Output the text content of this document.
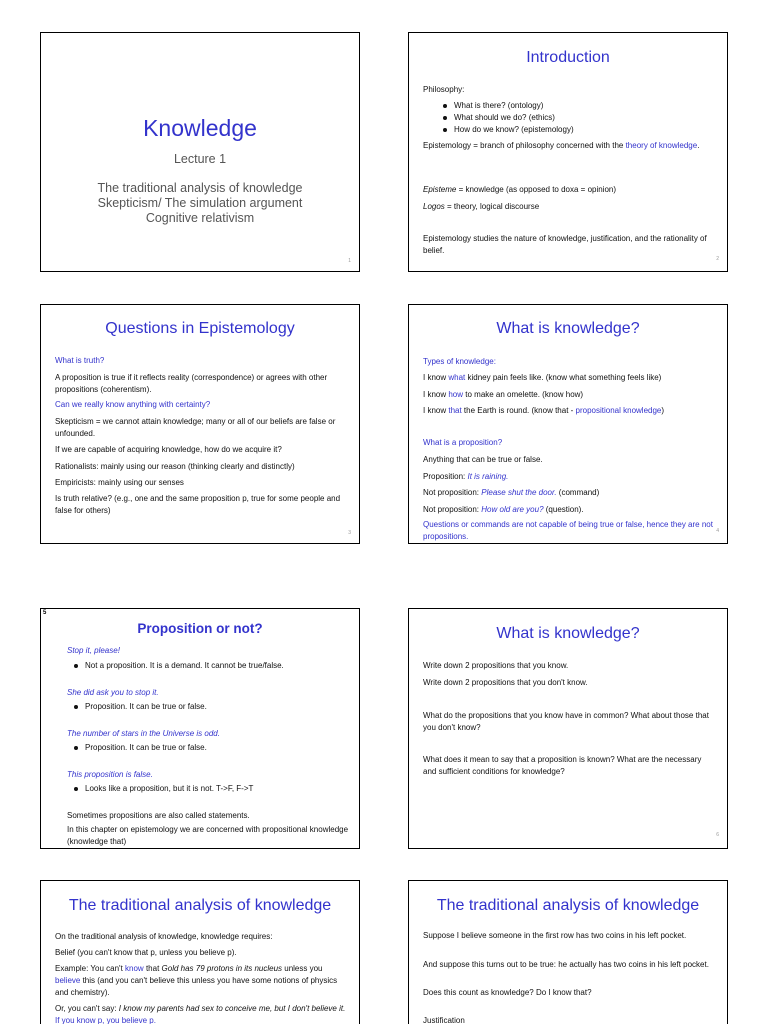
Knowledge
Lecture 1
The traditional analysis of knowledge
Skepticism/ The simulation argument
Cognitive relativism
1
Introduction
Philosophy:
What is there? (ontology)
What should we do? (ethics)
How do we know? (epistemology)
Epistemology = branch of philosophy concerned with the theory of knowledge.
Episteme = knowledge (as opposed to doxa = opinion)
Logos = theory, logical discourse
Epistemology studies the nature of knowledge, justification, and the rationality of belief.
2
Questions in Epistemology
What is truth?
A proposition is true if it reflects reality (correspondence) or agrees with other propositions (coherentism).
Can we really know anything with certainty?
Skepticism = we cannot attain knowledge; many or all of our beliefs are false or unfounded.
If we are capable of acquiring knowledge, how do we acquire it?
Rationalists: mainly using our reason (thinking clearly and distinctly)
Empiricists: mainly using our senses
Is truth relative? (e.g., one and the same proposition p, true for some people and false for others)
3
What is knowledge?
Types of knowledge:
I know what kidney pain feels like. (know what something feels like)
I know how to make an omelette. (know how)
I know that the Earth is round. (know that - propositional knowledge)
What is a proposition?
Anything that can be true or false.
Proposition: It is raining.
Not proposition: Please shut the door. (command)
Not proposition: How old are you? (question).
Questions or commands are not capable of being true or false, hence they are not propositions.
4
5
Proposition or not?
Stop it, please!
Not a proposition. It is a demand. It cannot be true/false.
She did ask you to stop it.
Proposition. It can be true or false.
The number of stars in the Universe is odd.
Proposition. It can be true or false.
This proposition is false.
Looks like a proposition, but it is not. T->F, F->T
Sometimes propositions are also called statements.
In this chapter on epistemology we are concerned with propositional knowledge (knowledge that)
What is knowledge?
Write down 2 propositions that you know.
Write down 2 propositions that you don't know.
What do the propositions that you know have in common? What about those that you don't know?
What does it mean to say that a proposition is known? What are the necessary and sufficient conditions for knowledge?
6
The traditional analysis of knowledge
On the traditional analysis of knowledge, knowledge requires:
Belief (you can't know that p, unless you believe p).
Example: You can't know that Gold has 79 protons in its nucleus unless you believe this (and you can't believe this unless you have some notions of physics and chemistry).
Or, you can't say: I know my parents had sex to conceive me, but I don't believe it. If you know p, you believe p.
The traditional analysis of knowledge
Suppose I believe someone in the first row has two coins in his left pocket.
And suppose this turns out to be true: he actually has two coins in his left pocket.
Does this count as knowledge? Do I know that?
Justification
